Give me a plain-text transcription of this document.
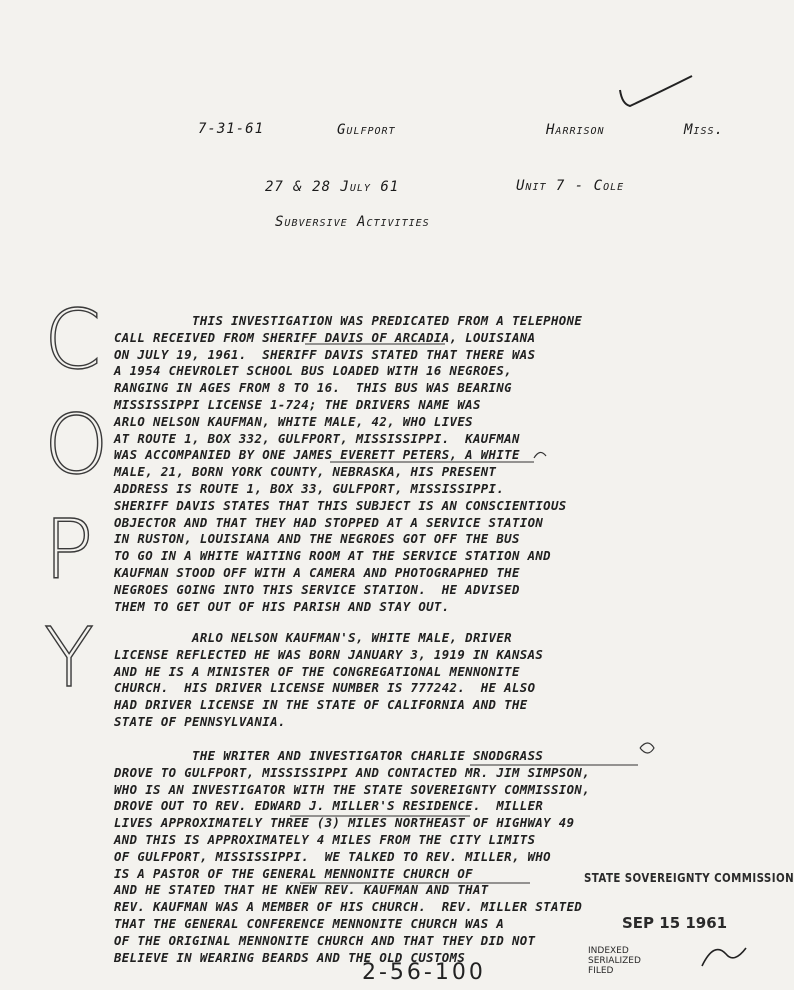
7-31-61	Gulfport	Harrison	Miss.
27 & 28 July 61	Unit 7 - Cole
Subversive Activities
C
O
P
Y

THIS INVESTIGATION WAS PREDICATED FROM A TELEPHONE

CALL RECEIVED FROM SHERIFF DAVIS OF ARCADIA, LOUISIANA

ON JULY 19, 1961.  SHERIFF DAVIS STATED THAT THERE WAS

A 1954 CHEVROLET SCHOOL BUS LOADED WITH 16 NEGROES,

RANGING IN AGES FROM 8 TO 16.  THIS BUS WAS BEARING

MISSISSIPPI LICENSE 1-724; THE DRIVERS NAME WAS

ARLO NELSON KAUFMAN, WHITE MALE, 42, WHO LIVES

AT ROUTE 1, BOX 332, GULFPORT, MISSISSIPPI.  KAUFMAN

WAS ACCOMPANIED BY ONE JAMES EVERETT PETERS, A WHITE

MALE, 21, BORN YORK COUNTY, NEBRASKA, HIS PRESENT

ADDRESS IS ROUTE 1, BOX 33, GULFPORT, MISSISSIPPI.

SHERIFF DAVIS STATES THAT THIS SUBJECT IS AN CONSCIENTIOUS

OBJECTOR AND THAT THEY HAD STOPPED AT A SERVICE STATION

IN RUSTON, LOUISIANA AND THE NEGROES GOT OFF THE BUS

TO GO IN A WHITE WAITING ROOM AT THE SERVICE STATION AND

KAUFMAN STOOD OFF WITH A CAMERA AND PHOTOGRAPHED THE

NEGROES GOING INTO THIS SERVICE STATION.  HE ADVISED

THEM TO GET OUT OF HIS PARISH AND STAY OUT.

ARLO NELSON KAUFMAN'S, WHITE MALE, DRIVER

LICENSE REFLECTED HE WAS BORN JANUARY 3, 1919 IN KANSAS

AND HE IS A MINISTER OF THE CONGREGATIONAL MENNONITE

CHURCH.  HIS DRIVER LICENSE NUMBER IS 777242.  HE ALSO

HAD DRIVER LICENSE IN THE STATE OF CALIFORNIA AND THE

STATE OF PENNSYLVANIA.

THE WRITER AND INVESTIGATOR CHARLIE SNODGRASS

DROVE TO GULFPORT, MISSISSIPPI AND CONTACTED MR. JIM SIMPSON,

WHO IS AN INVESTIGATOR WITH THE STATE SOVEREIGNTY COMMISSION,

DROVE OUT TO REV. EDWARD J. MILLER'S RESIDENCE.  MILLER

LIVES APPROXIMATELY THREE (3) MILES NORTHEAST OF HIGHWAY 49

AND THIS IS APPROXIMATELY 4 MILES FROM THE CITY LIMITS

OF GULFPORT, MISSISSIPPI.  WE TALKED TO REV. MILLER, WHO

IS A PASTOR OF THE GENERAL MENNONITE CHURCH OF

AND HE STATED THAT HE KNEW REV. KAUFMAN AND THAT

REV. KAUFMAN WAS A MEMBER OF HIS CHURCH.  REV. MILLER STATED

THAT THE GENERAL CONFERENCE MENNONITE CHURCH WAS A

OF THE ORIGINAL MENNONITE CHURCH AND THAT THEY DID NOT

BELIEVE IN WEARING BEARDS AND THE OLD CUSTOMS

STATE SOVEREIGNTY COMMISSION
SEP 15 1961
INDEXED
SERIALIZED
FILED
2-56-100
